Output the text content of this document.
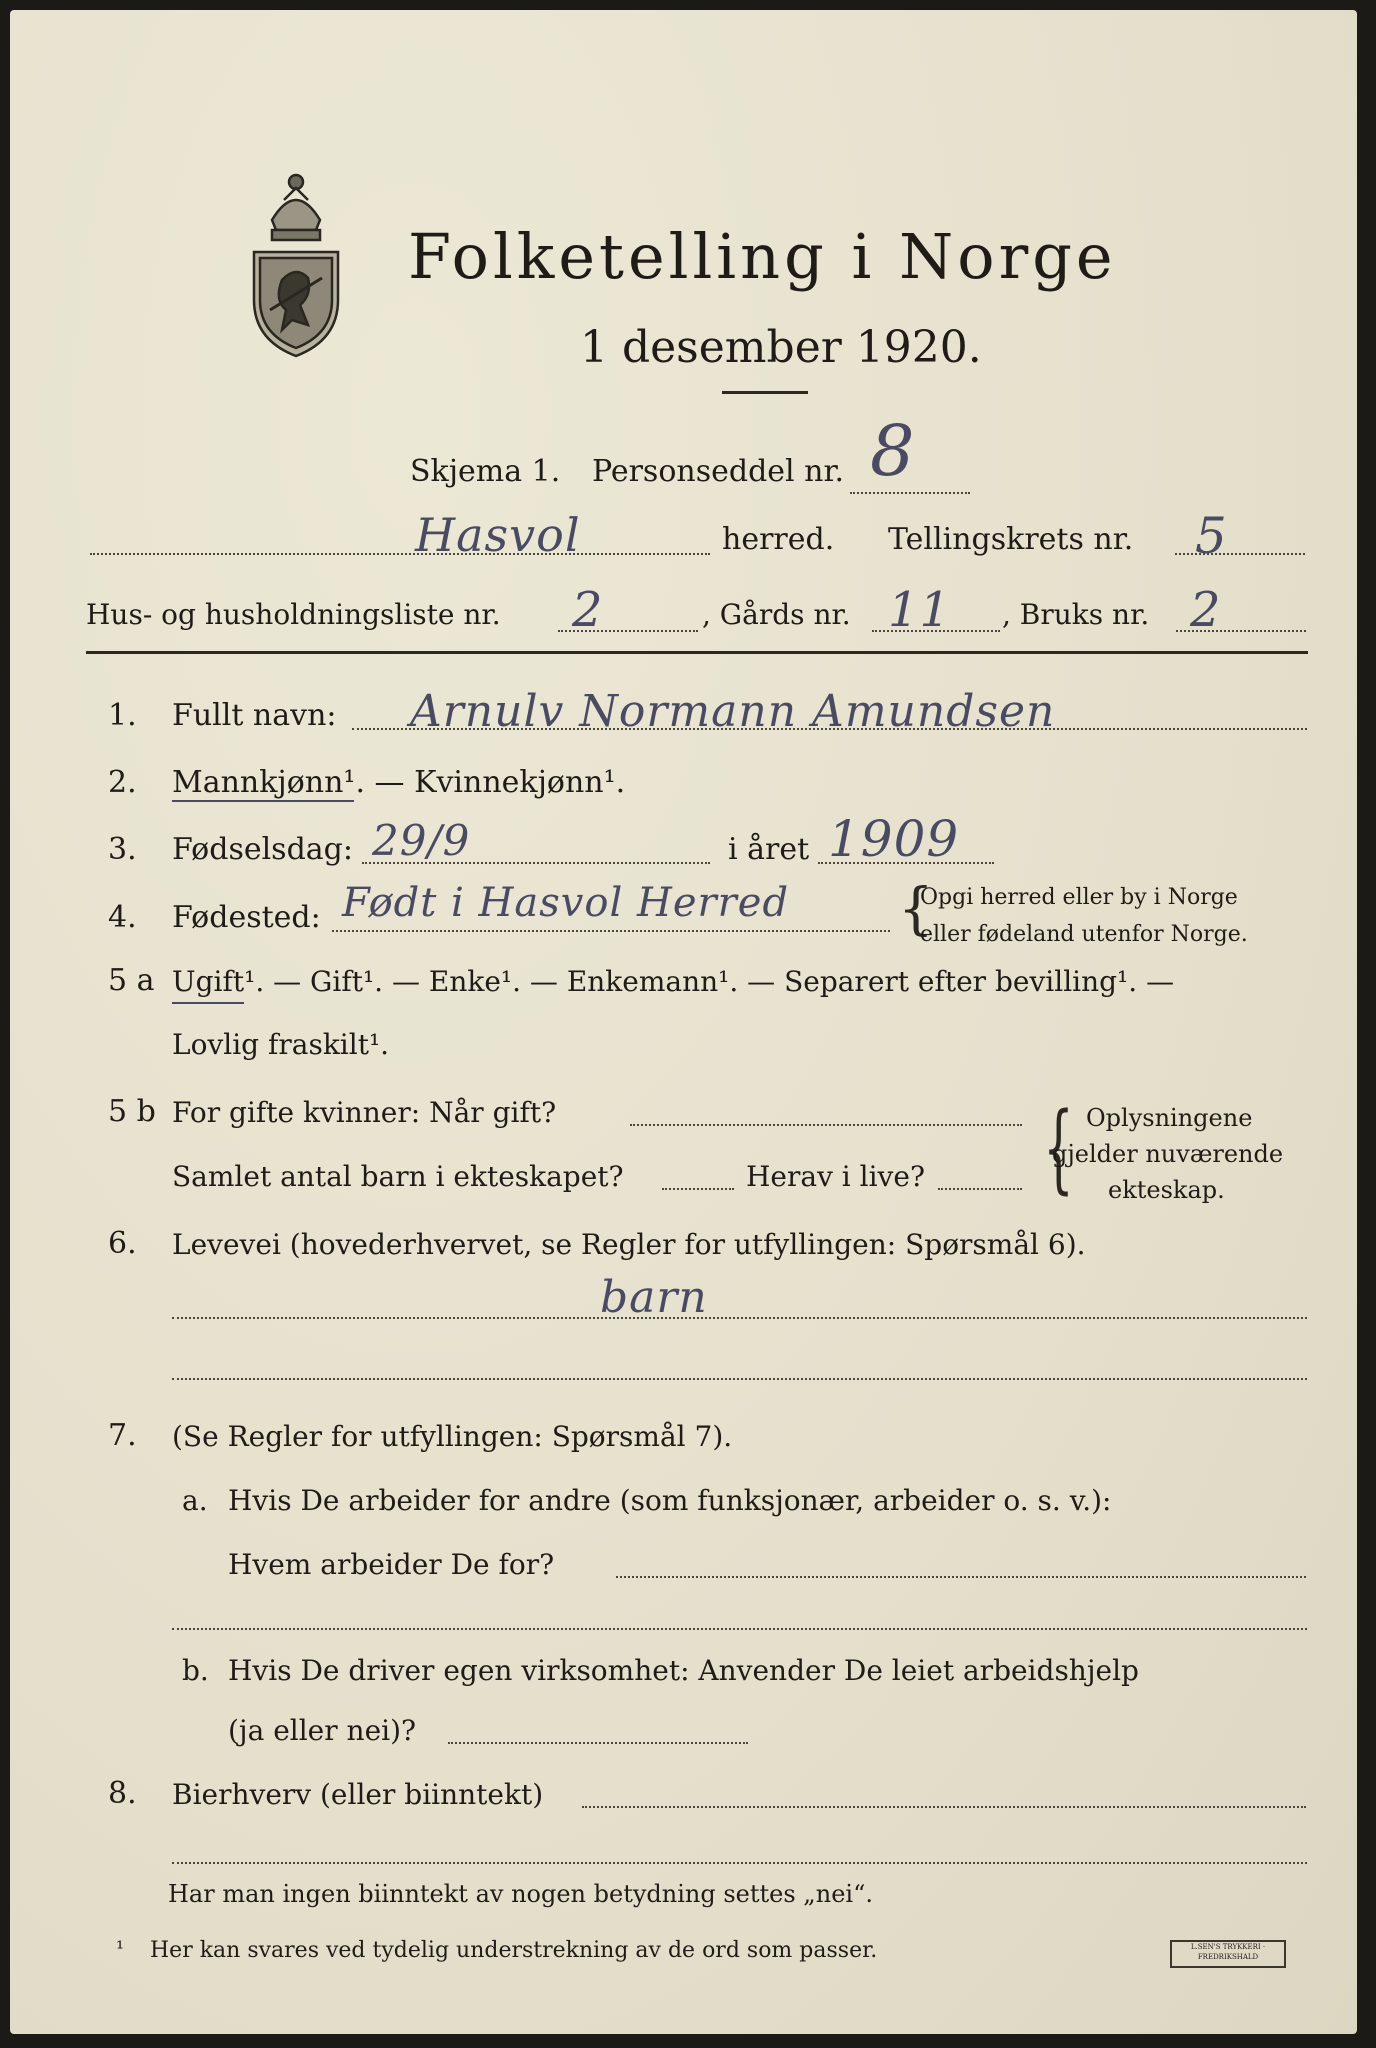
Folketelling i Norge
1 desember 1920.
Skjema 1. Personseddel nr. 8
Hasvol	herred. Tellingskrets nr. 5
Hus- og husholdningsliste nr. 2	, Gårds nr. 11 , Bruks nr. 2
1. Fullt navn: Arnulv Normann Amundsen
2. Mannkjønn¹. — Kvinnekjønn¹.
3. Fødselsdag: 29/9	i året 1909
4. Fødested: Født i Hasvol Herred {
Opgi herred eller by i Norge
eller fødeland utenfor Norge.
5 a Ugift¹. — Gift¹. — Enke¹. — Enkemann¹. — Separert efter bevilling¹. —
Lovlig fraskilt¹.
5 b For gifte kvinner: Når gift?
Samlet antal barn i ekteskapet?	Herav i live? { Oplysningene
gjelder nuværende
ekteskap.
6. Levevei (hovederhvervet, se Regler for utfyllingen: Spørsmål 6).
barn
7. (Se Regler for utfyllingen: Spørsmål 7).
a. Hvis De arbeider for andre (som funksjonær, arbeider o. s. v.):
Hvem arbeider De for?
b. Hvis De driver egen virksomhet: Anvender De leiet arbeidshjelp
(ja eller nei)?
8. Bierhverv (eller biinntekt)
Har man ingen biinntekt av nogen betydning settes „nei“.
¹ Her kan svares ved tydelig understrekning av de ord som passer.	L.SEN'S TRYKKERI · FREDRIKSHALD
